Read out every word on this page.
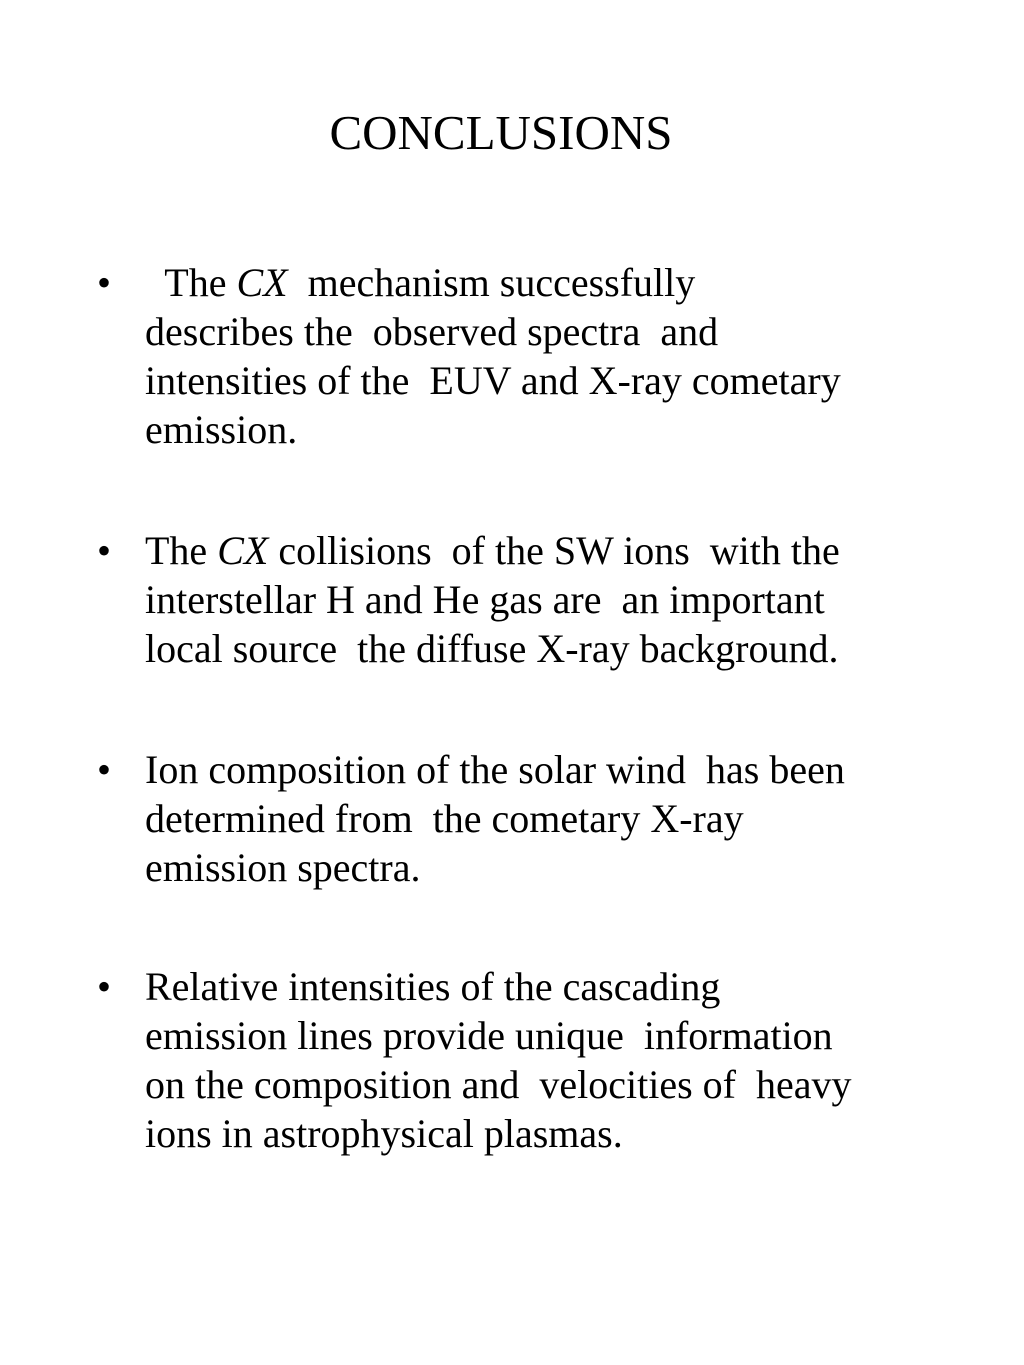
CONCLUSIONS
•	The CX  mechanism successfully
describes the  observed spectra  and
intensities of the  EUV and X-ray cometary
emission.
• The CX collisions  of the SW ions  with the
interstellar H and He gas are  an important
local source  the diffuse X-ray background.
• Ion composition of the solar wind  has been
determined from  the cometary X-ray
emission spectra.
• Relative intensities of the cascading
emission lines provide unique  information
on the composition and  velocities of  heavy
ions in astrophysical plasmas.
